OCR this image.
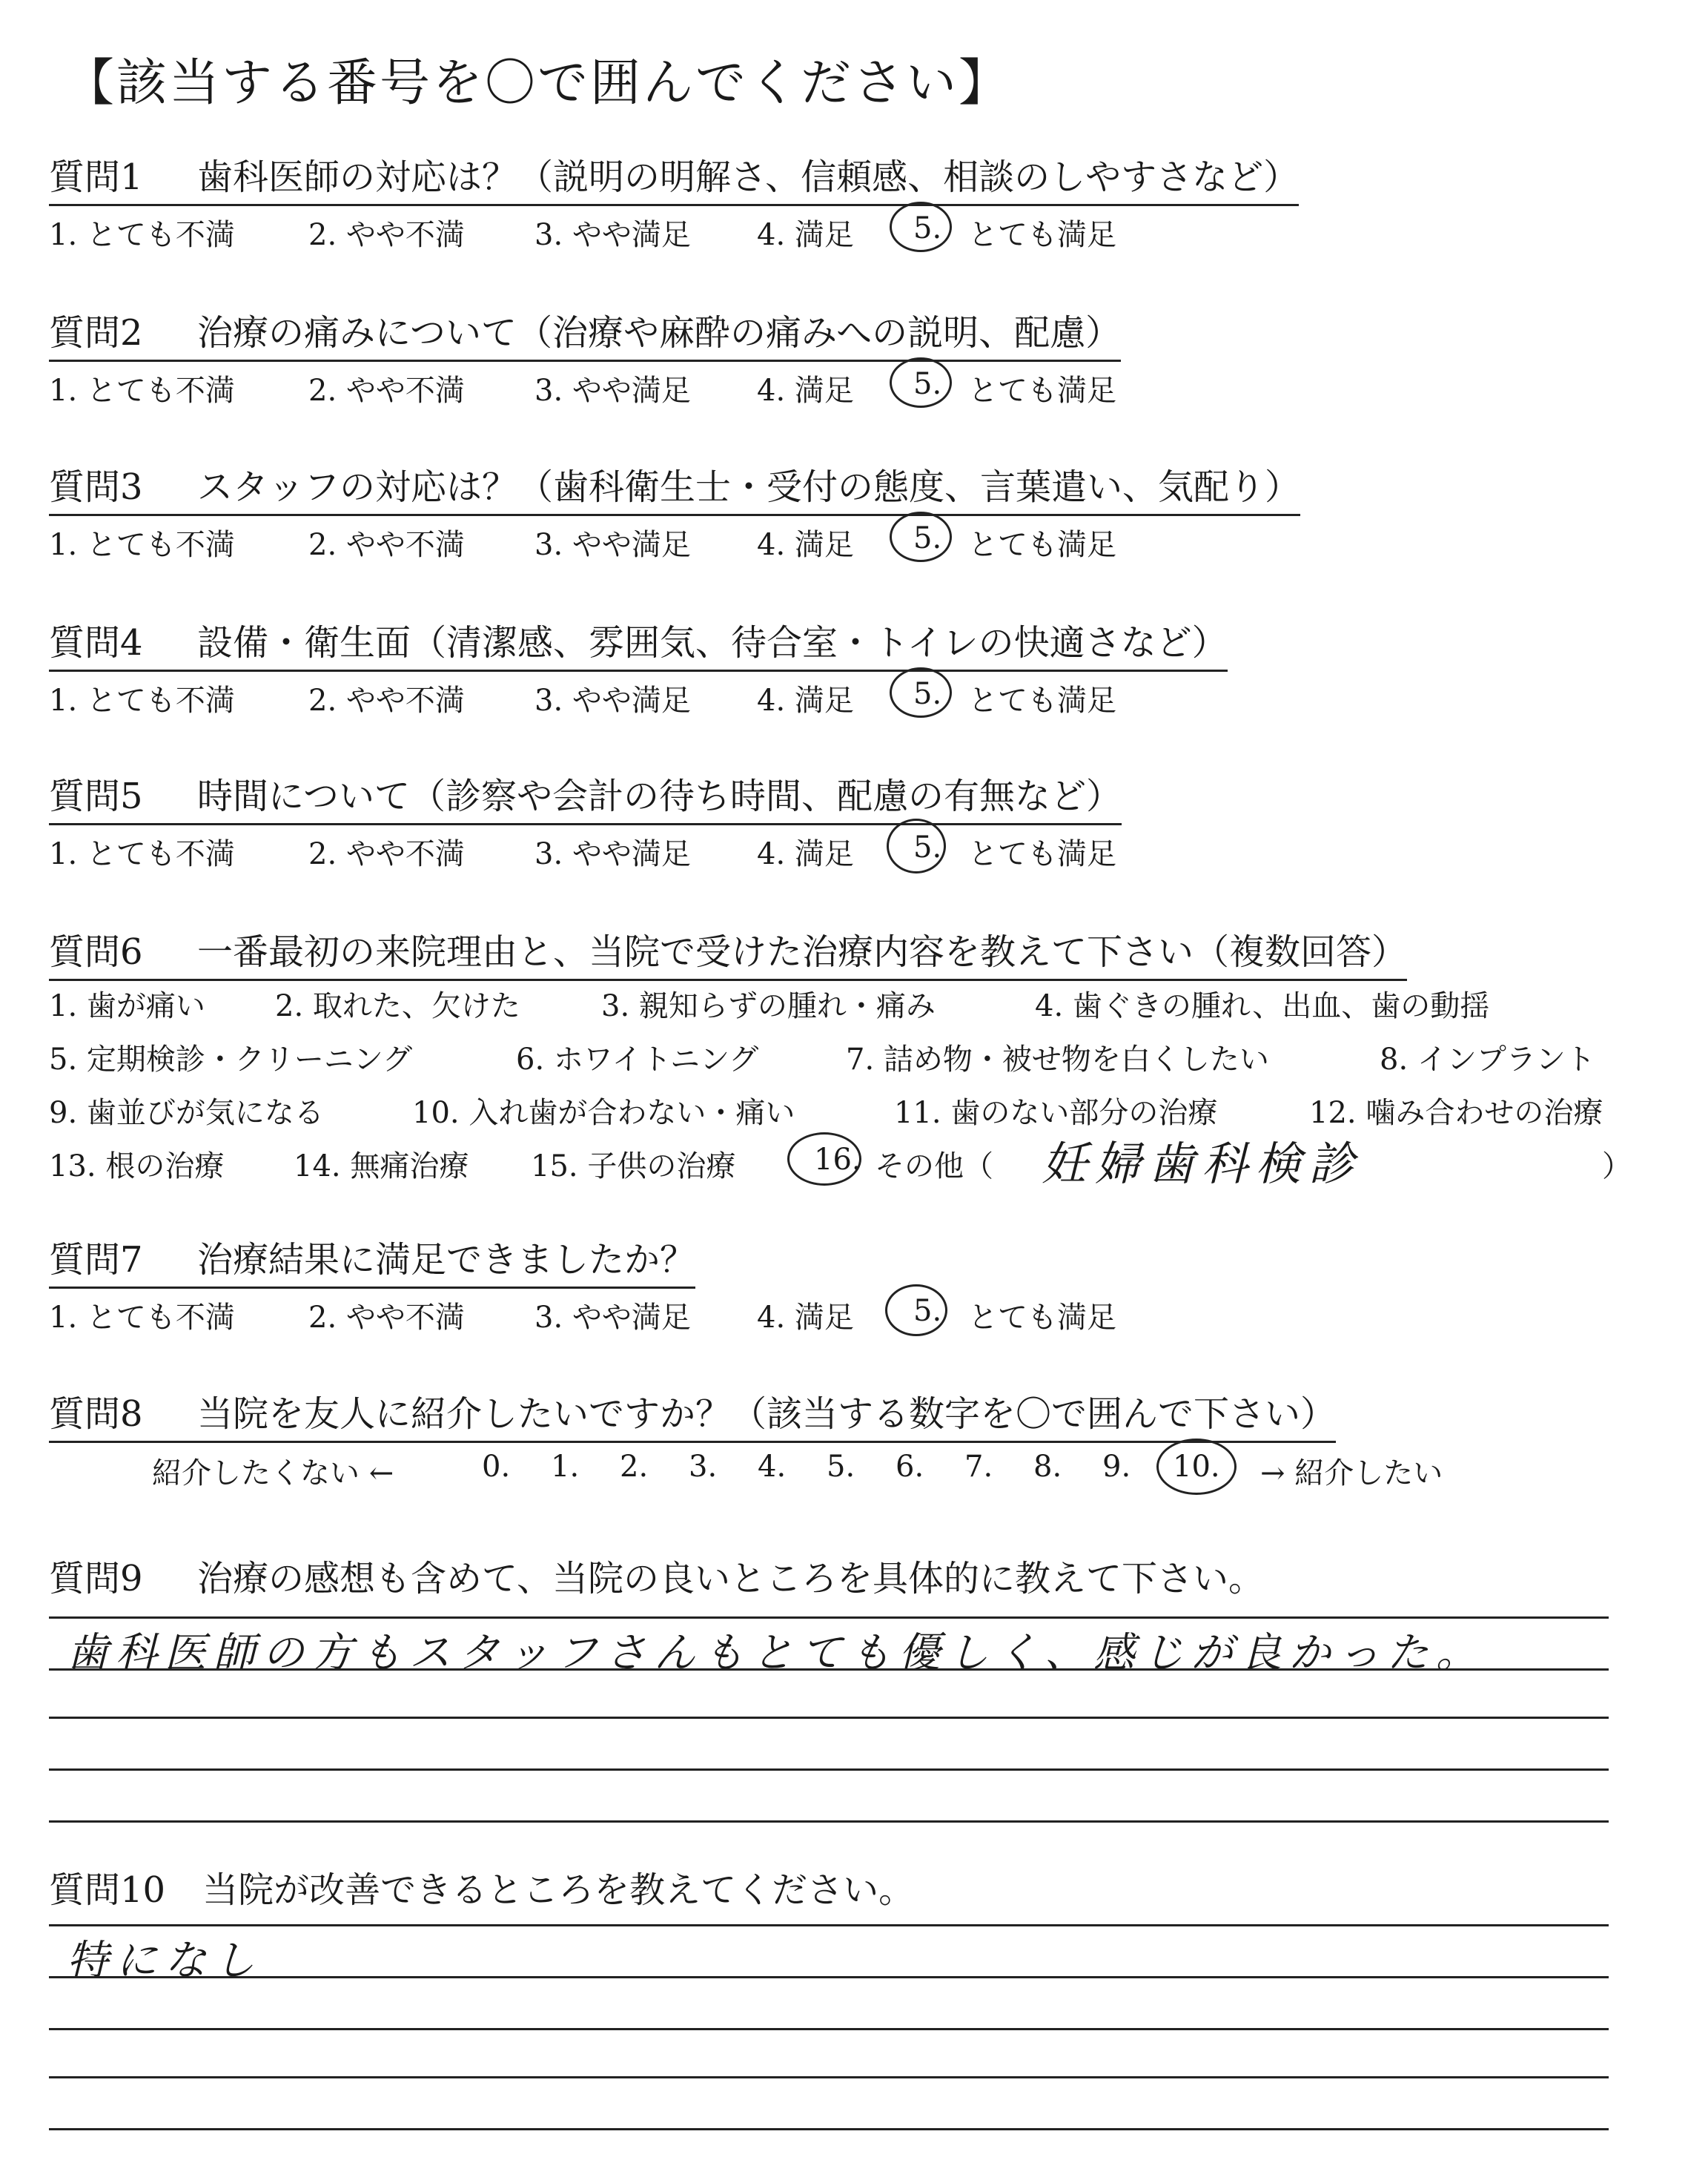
【該当する番号を〇で囲んでください】
質問1 歯科医師の対応は？（説明の明解さ、信頼感、相談のしやすさなど）
1. とても不満 2. やや不満 3. やや満足 4. 満足 5. とても満足
質問2 治療の痛みについて（治療や麻酔の痛みへの説明、配慮）
1. とても不満 2. やや不満 3. やや満足 4. 満足 5. とても満足
質問3 スタッフの対応は？（歯科衛生士・受付の態度、言葉遣い、気配り）
1. とても不満 2. やや不満 3. やや満足 4. 満足 5. とても満足
質問4 設備・衛生面（清潔感、雰囲気、待合室・トイレの快適さなど）
1. とても不満 2. やや不満 3. やや満足 4. 満足 5. とても満足
質問5 時間について（診察や会計の待ち時間、配慮の有無など）
1. とても不満 2. やや不満 3. やや満足 4. 満足 5. とても満足
質問6 一番最初の来院理由と、当院で受けた治療内容を教えて下さい（複数回答）
1. 歯が痛い 2. 取れた、欠けた	3. 親知らずの腫れ・痛み	4. 歯ぐきの腫れ、出血、歯の動揺
5. 定期検診・クリーニング	6. ホワイトニング	7. 詰め物・被せ物を白くしたい	8. インプラント
9. 歯並びが気になる	10. 入れ歯が合わない・痛い	11. 歯のない部分の治療	12. 噛み合わせの治療
13. 根の治療 14. 無痛治療 15. 子供の治療	16. その他（	）
妊婦歯科検診
質問7 治療結果に満足できましたか？
1. とても不満 2. やや不満 3. やや満足 4. 満足 5. とても満足
質問8 当院を友人に紹介したいですか？（該当する数字を〇で囲んで下さい）
紹介したくない ←	0. 1. 2. 3. 4. 5. 6. 7. 8. 9. 10. → 紹介したい
質問9 治療の感想も含めて、当院の良いところを具体的に教えて下さい。
歯科医師の方もスタッフさんもとても優しく、感じが良かった。
質問10 当院が改善できるところを教えてください。
特になし
